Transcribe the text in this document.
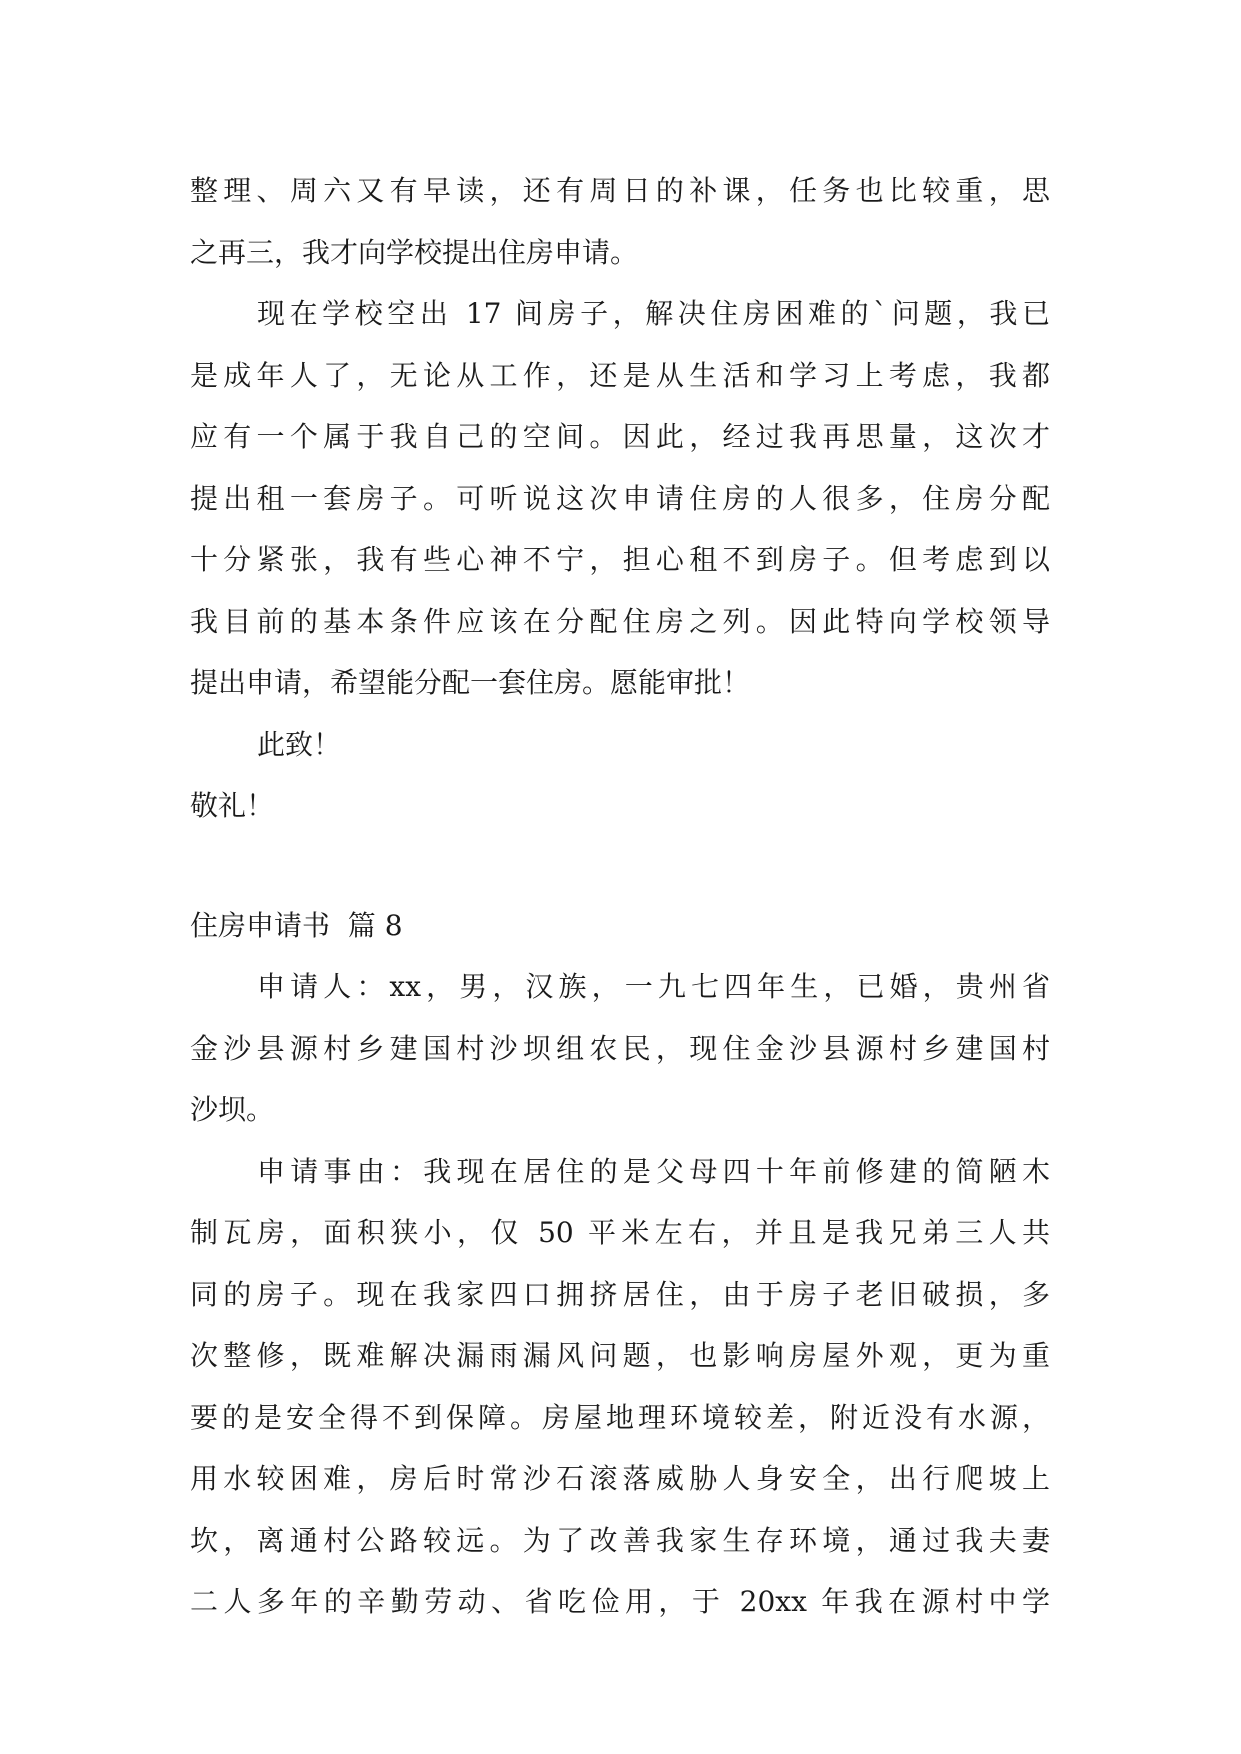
整理、周六又有早读，还有周日的补课，任务也比较重，思
之再三，我才向学校提出住房申请。
现在学校空出 17 间房子，解决住房困难的`问题，我已
是成年人了，无论从工作，还是从生活和学习上考虑，我都
应有一个属于我自己的空间。因此，经过我再思量，这次才
提出租一套房子。可听说这次申请住房的人很多，住房分配
十分紧张，我有些心神不宁，担心租不到房子。但考虑到以
我目前的基本条件应该在分配住房之列。因此特向学校领导
提出申请，希望能分配一套住房。愿能审批！
此致！
敬礼！
住房申请书  篇 8
申请人：xx，男，汉族，一九七四年生，已婚，贵州省
金沙县源村乡建国村沙坝组农民，现住金沙县源村乡建国村
沙坝。
申请事由：我现在居住的是父母四十年前修建的简陋木
制瓦房，面积狭小，仅 50 平米左右，并且是我兄弟三人共
同的房子。现在我家四口拥挤居住，由于房子老旧破损，多
次整修，既难解决漏雨漏风问题，也影响房屋外观，更为重
要的是安全得不到保障。房屋地理环境较差，附近没有水源，
用水较困难，房后时常沙石滚落威胁人身安全，出行爬坡上
坎，离通村公路较远。为了改善我家生存环境，通过我夫妻
二人多年的辛勤劳动、省吃俭用，于 20xx 年我在源村中学
